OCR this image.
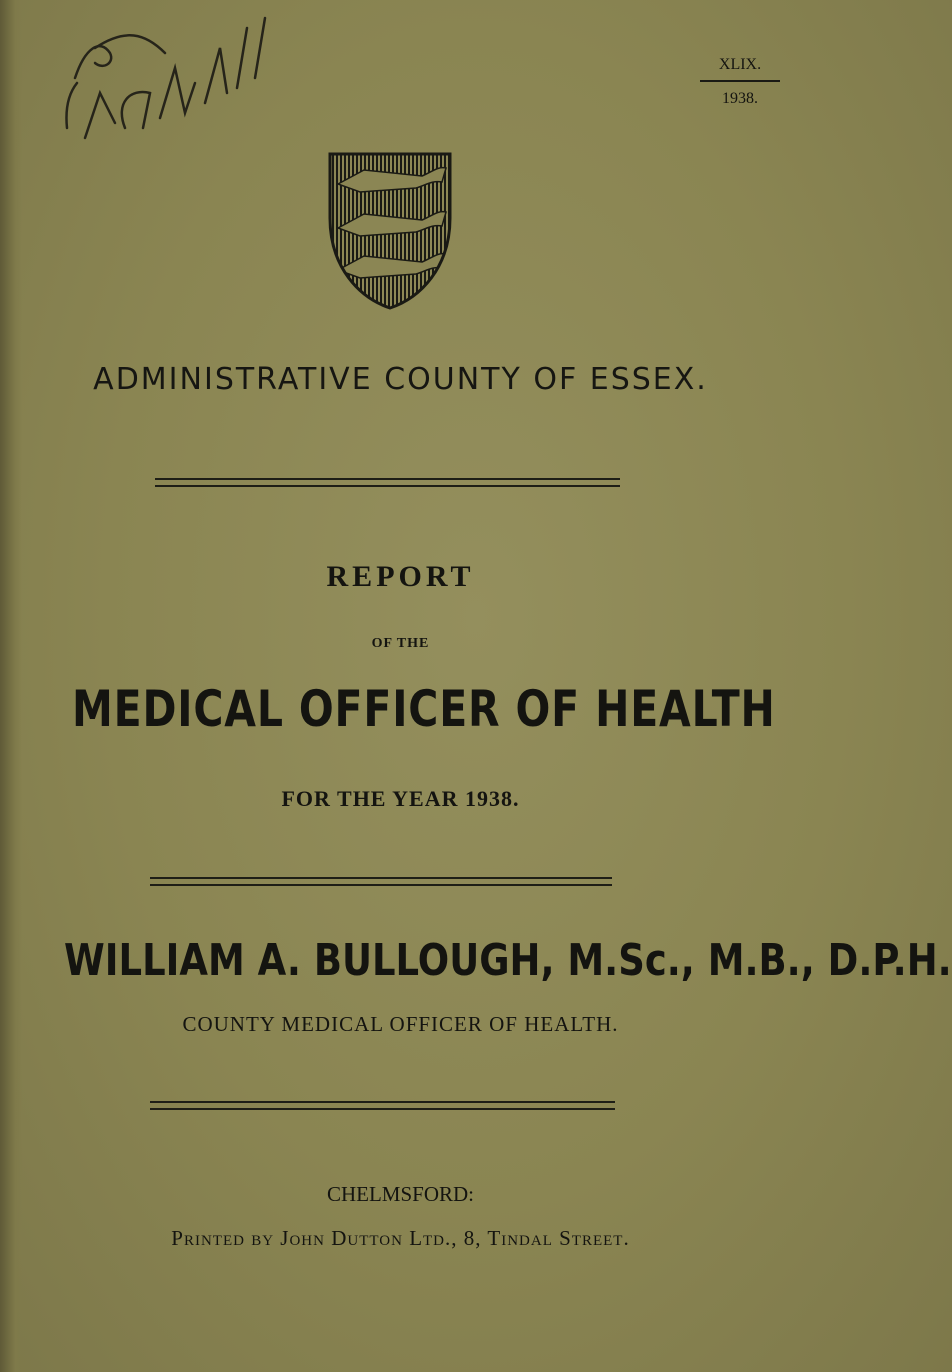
XLIX.
1938.
ADMINISTRATIVE COUNTY OF ESSEX.
REPORT
OF THE
MEDICAL OFFICER OF HEALTH
FOR THE YEAR 1938.
WILLIAM A. BULLOUGH, M.Sc., M.B., D.P.H.
COUNTY MEDICAL OFFICER OF HEALTH.
CHELMSFORD:
Printed by John Dutton Ltd., 8, Tindal Street.
